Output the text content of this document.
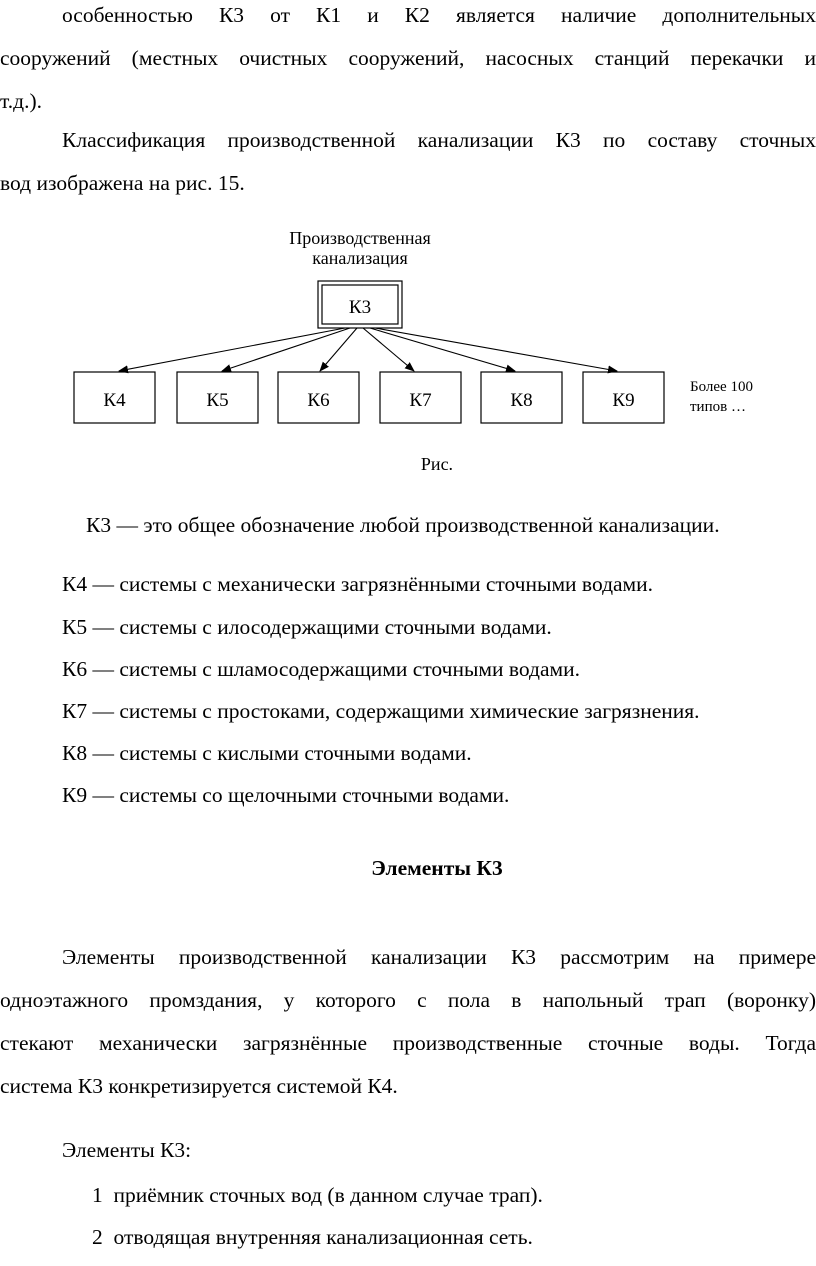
особенностью К3 от К1 и К2 является наличие дополнительных
сооружений (местных очистных сооружений, насосных станций перекачки и
т.д.).
Классификация производственной канализации К3 по составу сточных
вод изображена на рис. 15.
Производственная
канализация
К3
К4	К5	К6	К7	К8	К9
Более 100
типов …
Рис.
К3 — это общее обозначение любой производственной канализации.
К4 — системы с механически загрязнёнными сточными водами.
К5 — системы с илосодержащими сточными водами.
К6 — системы с шламосодержащими сточными водами.
К7 — системы с простоками, содержащими химические загрязнения.
К8 — системы с кислыми сточными водами.
К9 — системы со щелочными сточными водами.
Элементы К3
Элементы производственной канализации К3 рассмотрим на примере
одноэтажного промздания, у которого с пола в напольный трап (воронку)
стекают механически загрязнённые производственные сточные воды. Тогда
система К3 конкретизируется системой К4.
Элементы К3:
1 приёмник сточных вод (в данном случае трап).
2 отводящая внутренняя канализационная сеть.
